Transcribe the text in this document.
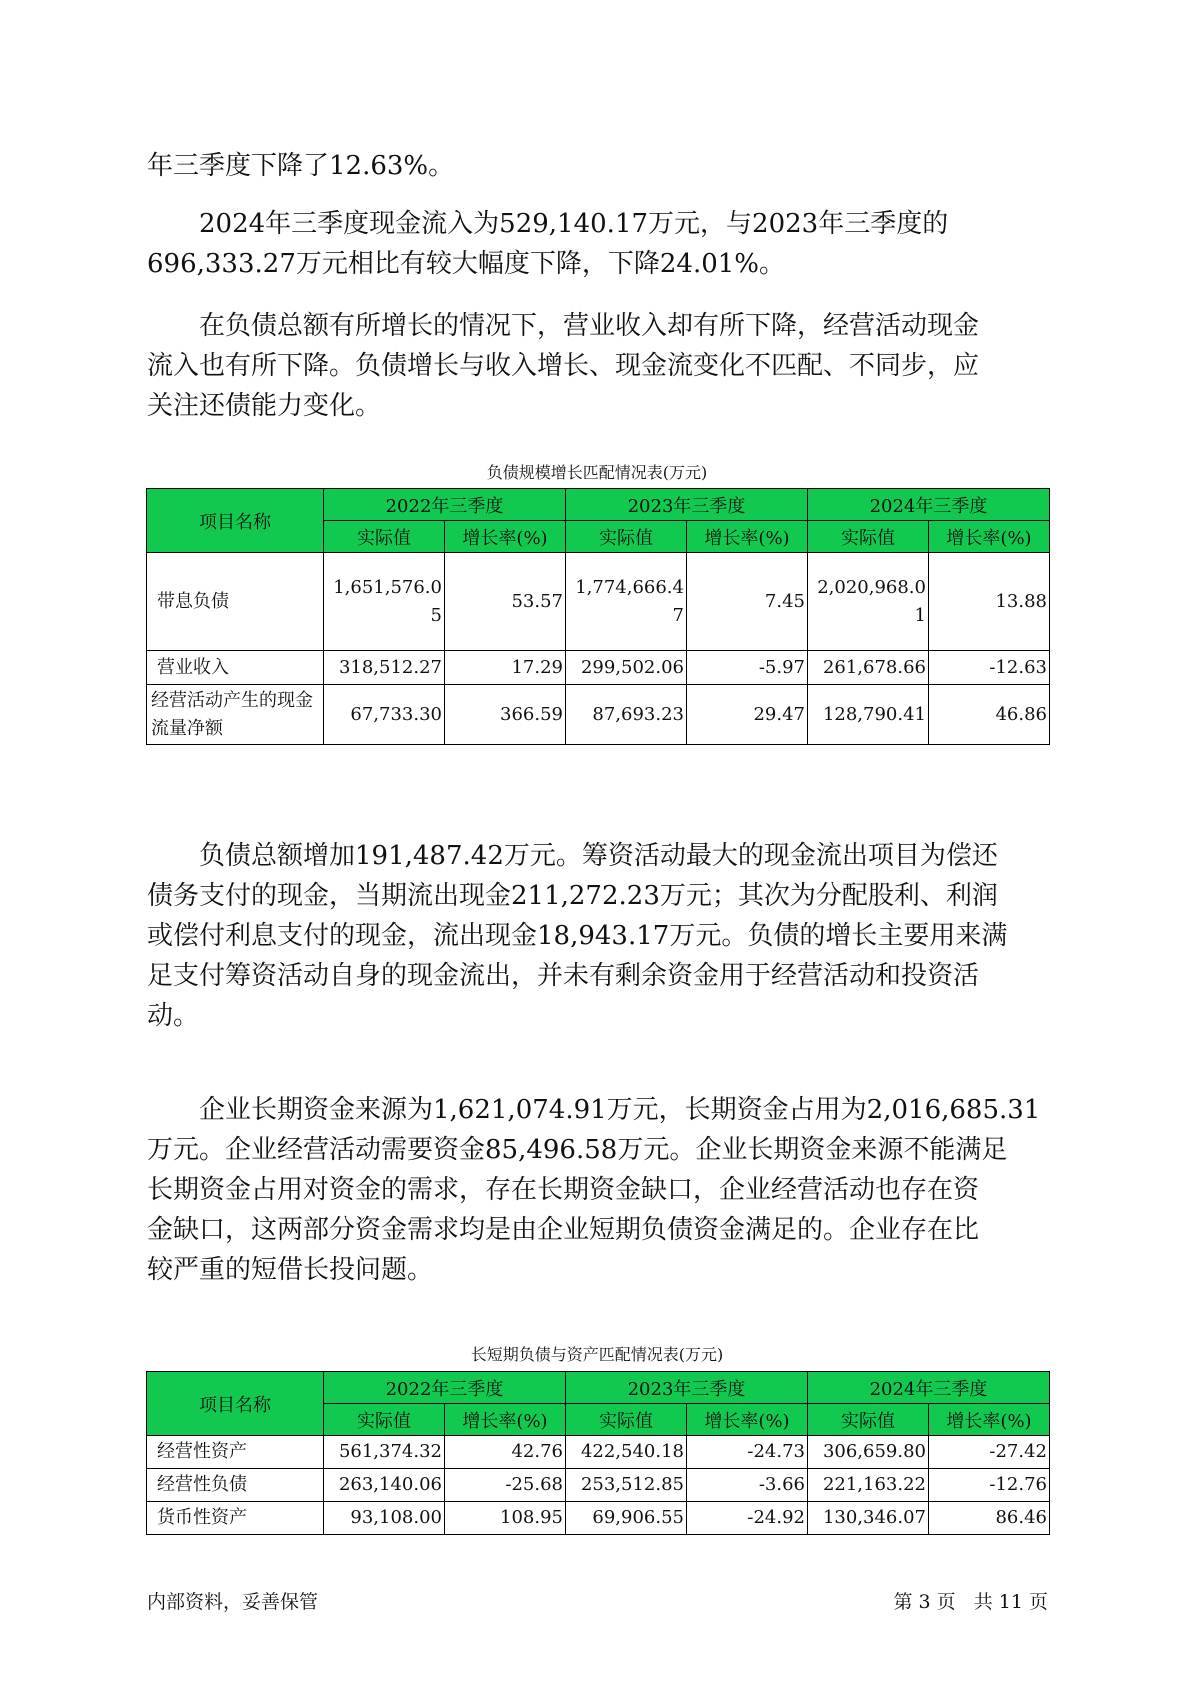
年三季度下降了12.63%。
　　2024年三季度现金流入为529,140.17万元，与2023年三季度的
696,333.27万元相比有较大幅度下降，下降24.01%。
　　在负债总额有所增长的情况下，营业收入却有所下降，经营活动现金
流入也有所下降。负债增长与收入增长、现金流变化不匹配、不同步，应
关注还债能力变化。
负债规模增长匹配情况表(万元)
项目名称	2022年三季度		2023年三季度		2024年三季度	
	实际值	增长率(%)	实际值	增长率(%)	实际值	增长率(%)
带息负债	1,651,576.05	53.57	1,774,666.47	7.45	2,020,968.01	13.88
营业收入	318,512.27	17.29	299,502.06	-5.97	261,678.66	-12.63
经营活动产生的现金流量净额	67,733.30	366.59	87,693.23	29.47	128,790.41	46.86
　　负债总额增加191,487.42万元。筹资活动最大的现金流出项目为偿还
债务支付的现金，当期流出现金211,272.23万元；其次为分配股利、利润
或偿付利息支付的现金，流出现金18,943.17万元。负债的增长主要用来满
足支付筹资活动自身的现金流出，并未有剩余资金用于经营活动和投资活
动。
　　企业长期资金来源为1,621,074.91万元，长期资金占用为2,016,685.31
万元。企业经营活动需要资金85,496.58万元。企业长期资金来源不能满足
长期资金占用对资金的需求，存在长期资金缺口，企业经营活动也存在资
金缺口，这两部分资金需求均是由企业短期负债资金满足的。企业存在比
较严重的短借长投问题。
长短期负债与资产匹配情况表(万元)
项目名称	2022年三季度		2023年三季度		2024年三季度	
	实际值	增长率(%)	实际值	增长率(%)	实际值	增长率(%)
经营性资产	561,374.32	42.76	422,540.18	-24.73	306,659.80	-27.42
经营性负债	263,140.06	-25.68	253,512.85	-3.66	221,163.22	-12.76
货币性资产	93,108.00	108.95	69,906.55	-24.92	130,346.07	86.46
内部资料，妥善保管	第 3 页   共 11 页
